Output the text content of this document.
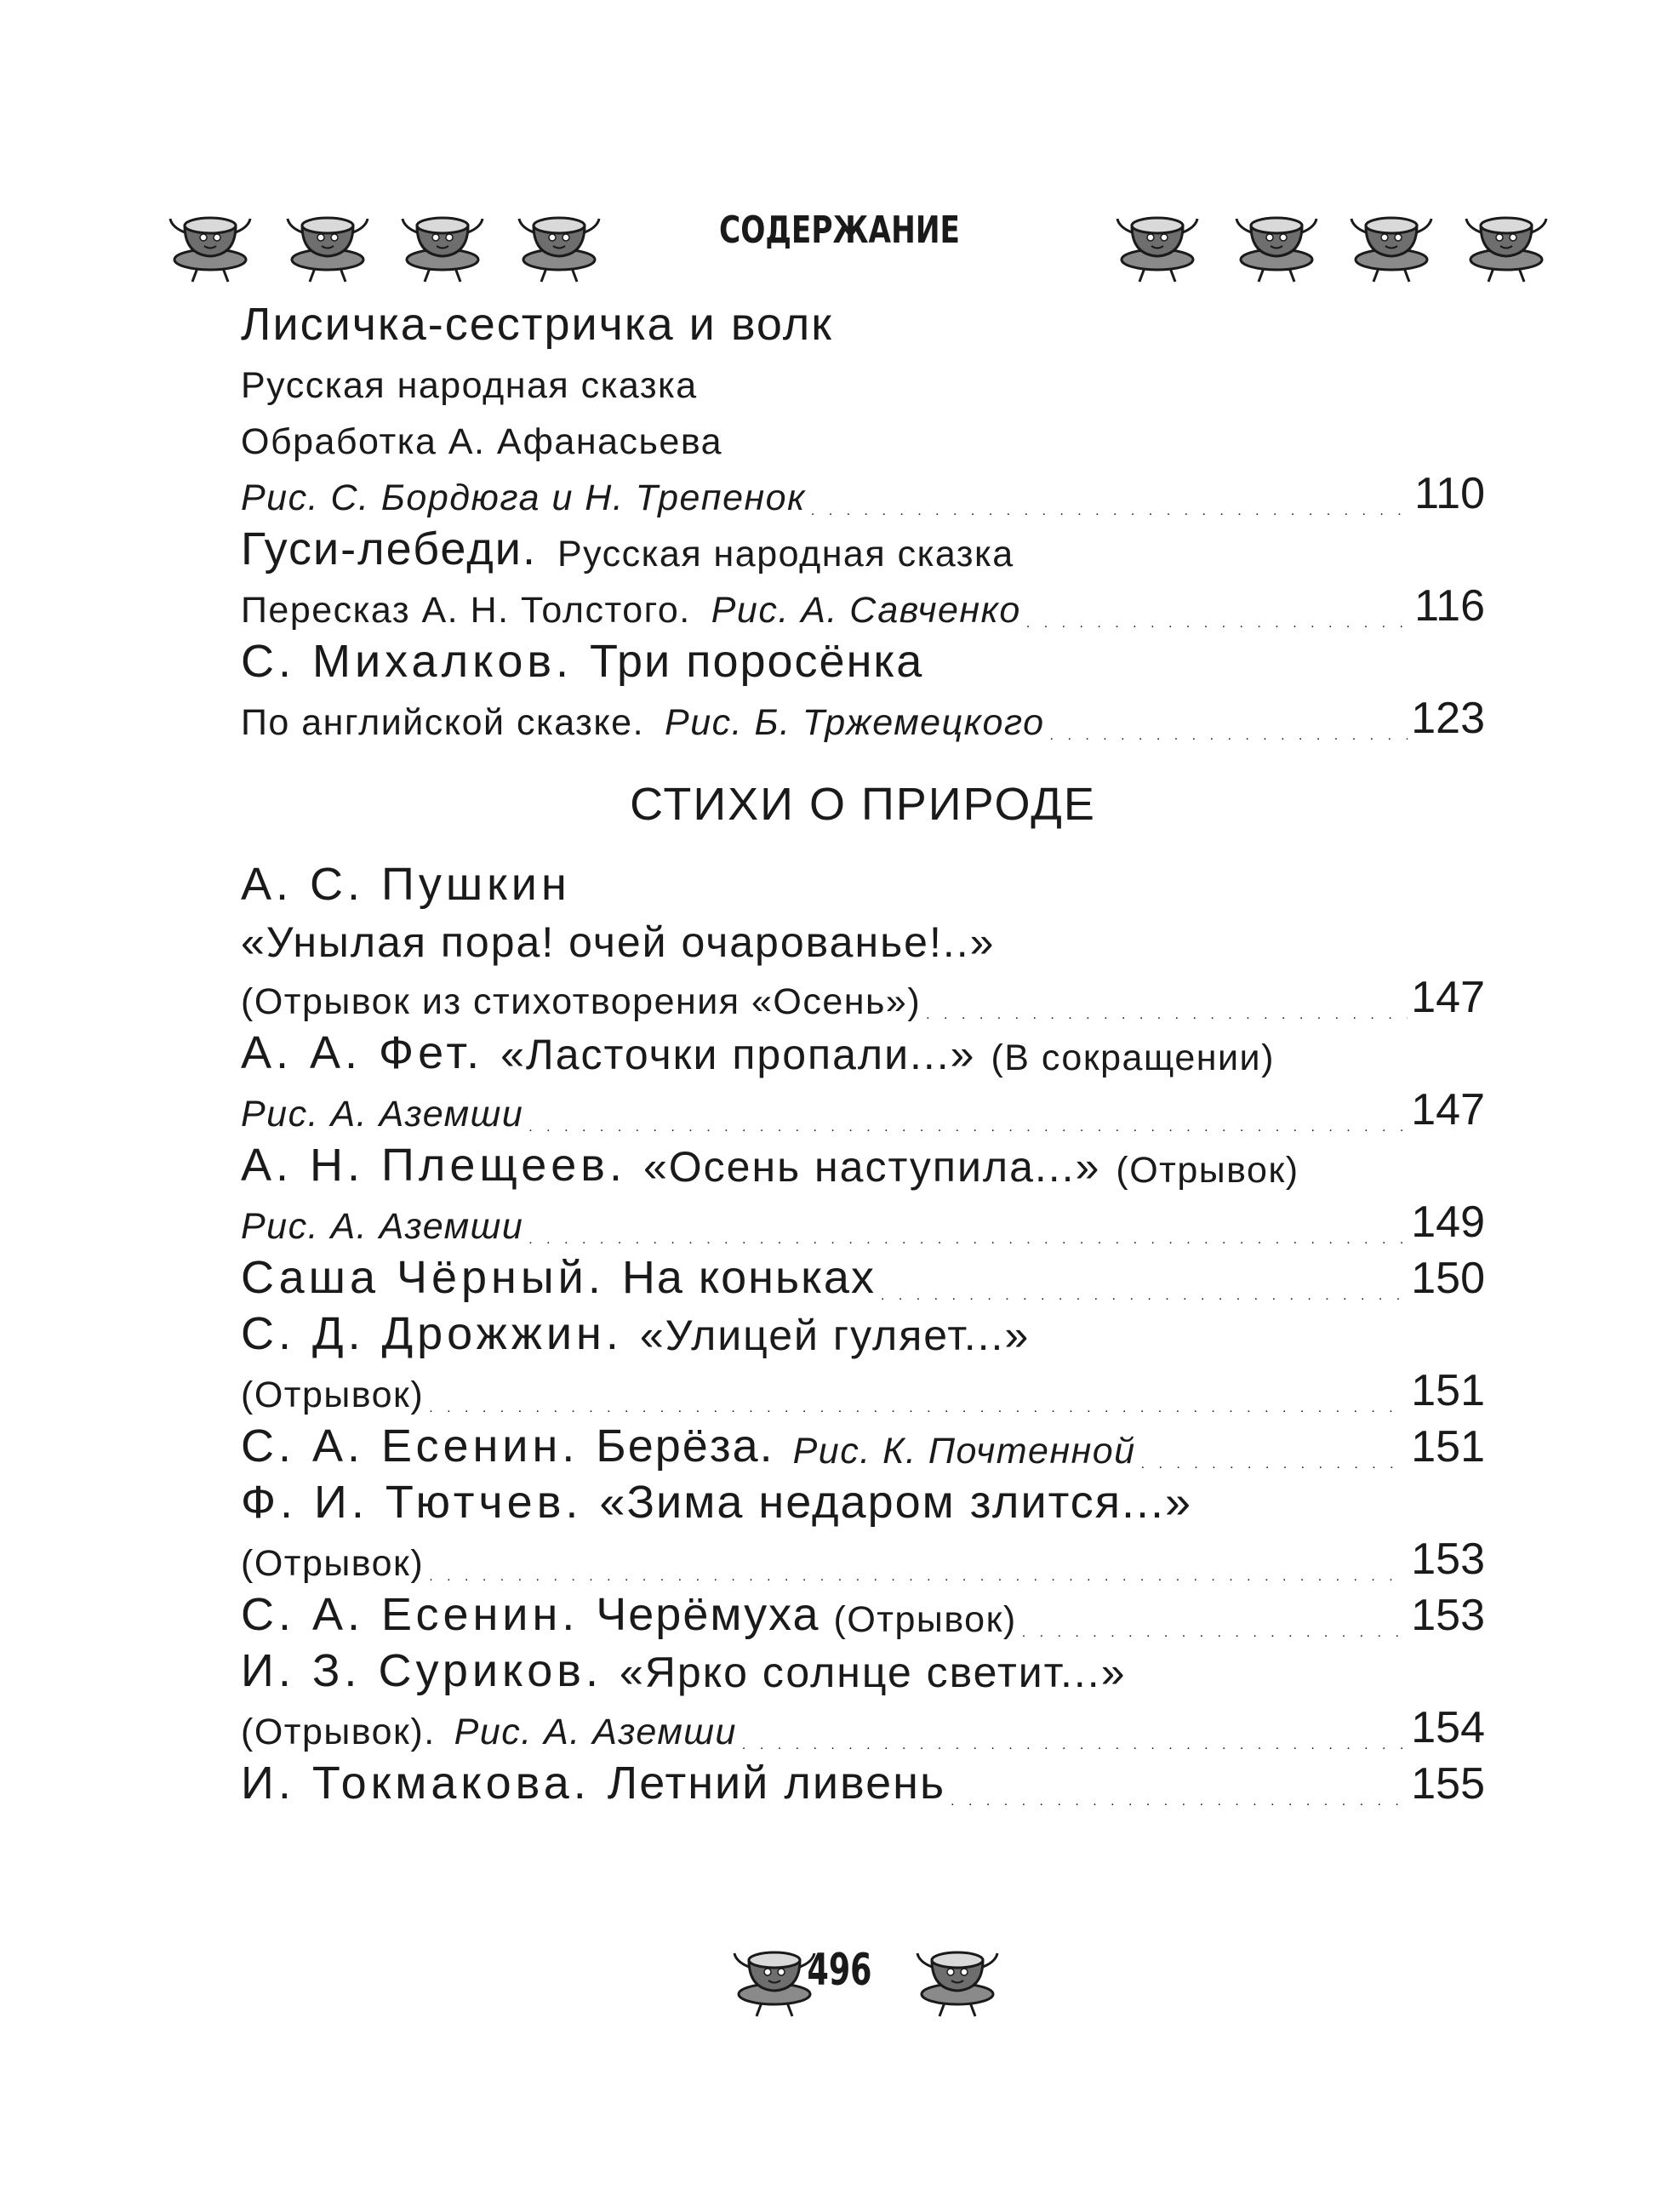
СОДЕРЖАНИЕ
Лисичка-сестричка и волк
Русская народная сказка
Обработка А. Афанасьева
Рис. С. Бордюга и Н. Трепенок . . .	110
Гуси-лебеди. Русская народная сказка
Пересказ А. Н. Толстого. Рис. А. Савченко . . .	116
С. Михалков. Три поросёнка
По английской сказке. Рис. Б. Тржемецкого . . .	123
СТИХИ О ПРИРОДЕ
А. С. Пушкин
«Унылая пора! очей очарованье!..»
(Отрывок из стихотворения «Осень») . . .	147
А. А. Фет. «Ласточки пропали...» (В сокращении)
Рис. А. Аземши . . .	147
А. Н. Плещеев. «Осень наступила...» (Отрывок)
Рис. А. Аземши . . .	149
Саша Чёрный. На коньках . . .	150
С. Д. Дрожжин. «Улицей гуляет...»
(Отрывок) . . .	151
С. А. Есенин. Берёза. Рис. К. Почтенной . . .	151
Ф. И. Тютчев. «Зима недаром злится...»
(Отрывок) . . .	153
С. А. Есенин. Черёмуха (Отрывок) . . .	153
И. З. Суриков. «Ярко солнце светит...»
(Отрывок). Рис. А. Аземши . . .	154
И. Токмакова. Летний ливень . . .	155
496
